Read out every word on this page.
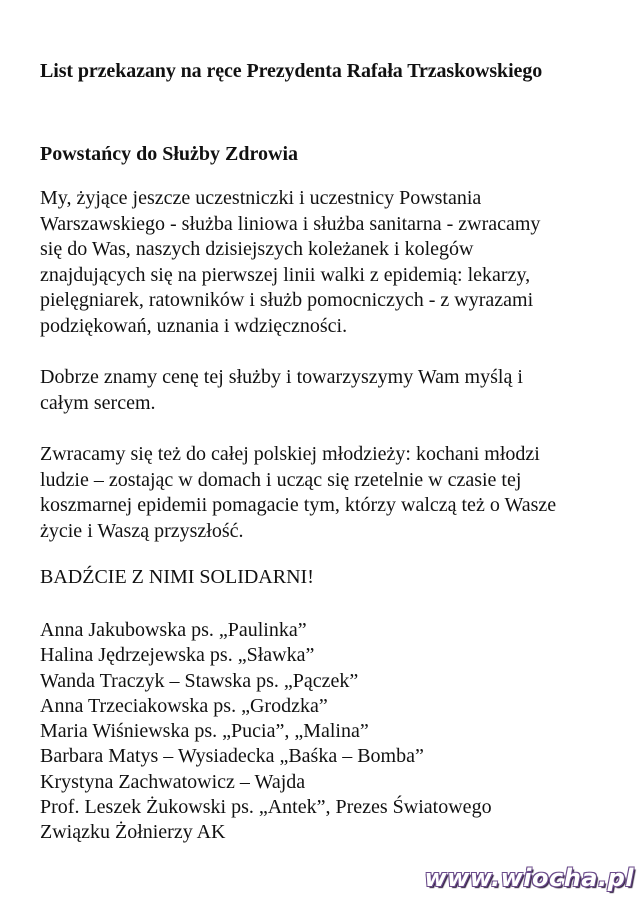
List przekazany na ręce Prezydenta Rafała Trzaskowskiego
Powstańcy do Służby Zdrowia
My, żyjące jeszcze uczestniczki i uczestnicy Powstania
Warszawskiego - służba liniowa i służba sanitarna - zwracamy
się do Was, naszych dzisiejszych koleżanek i kolegów
znajdujących się na pierwszej linii walki z epidemią: lekarzy,
pielęgniarek, ratowników i służb pomocniczych - z wyrazami
podziękowań, uznania i wdzięczności.
Dobrze znamy cenę tej służby i towarzyszymy Wam myślą i
całym sercem.
Zwracamy się też do całej polskiej młodzieży: kochani młodzi
ludzie – zostając w domach i ucząc się rzetelnie w czasie tej
koszmarnej epidemii pomagacie tym, którzy walczą też o Wasze
życie i Waszą przyszłość.
BADŹCIE Z NIMI SOLIDARNI!
Anna Jakubowska ps. „Paulinka”
Halina Jędrzejewska ps. „Sławka”
Wanda Traczyk – Stawska ps. „Pączek”
Anna Trzeciakowska ps. „Grodzka”
Maria Wiśniewska ps. „Pucia”, „Malina”
Barbara Matys – Wysiadecka „Baśka – Bomba”
Krystyna Zachwatowicz – Wajda
Prof. Leszek Żukowski ps. „Antek”, Prezes Światowego
Związku Żołnierzy AK
www.wiocha.pl
